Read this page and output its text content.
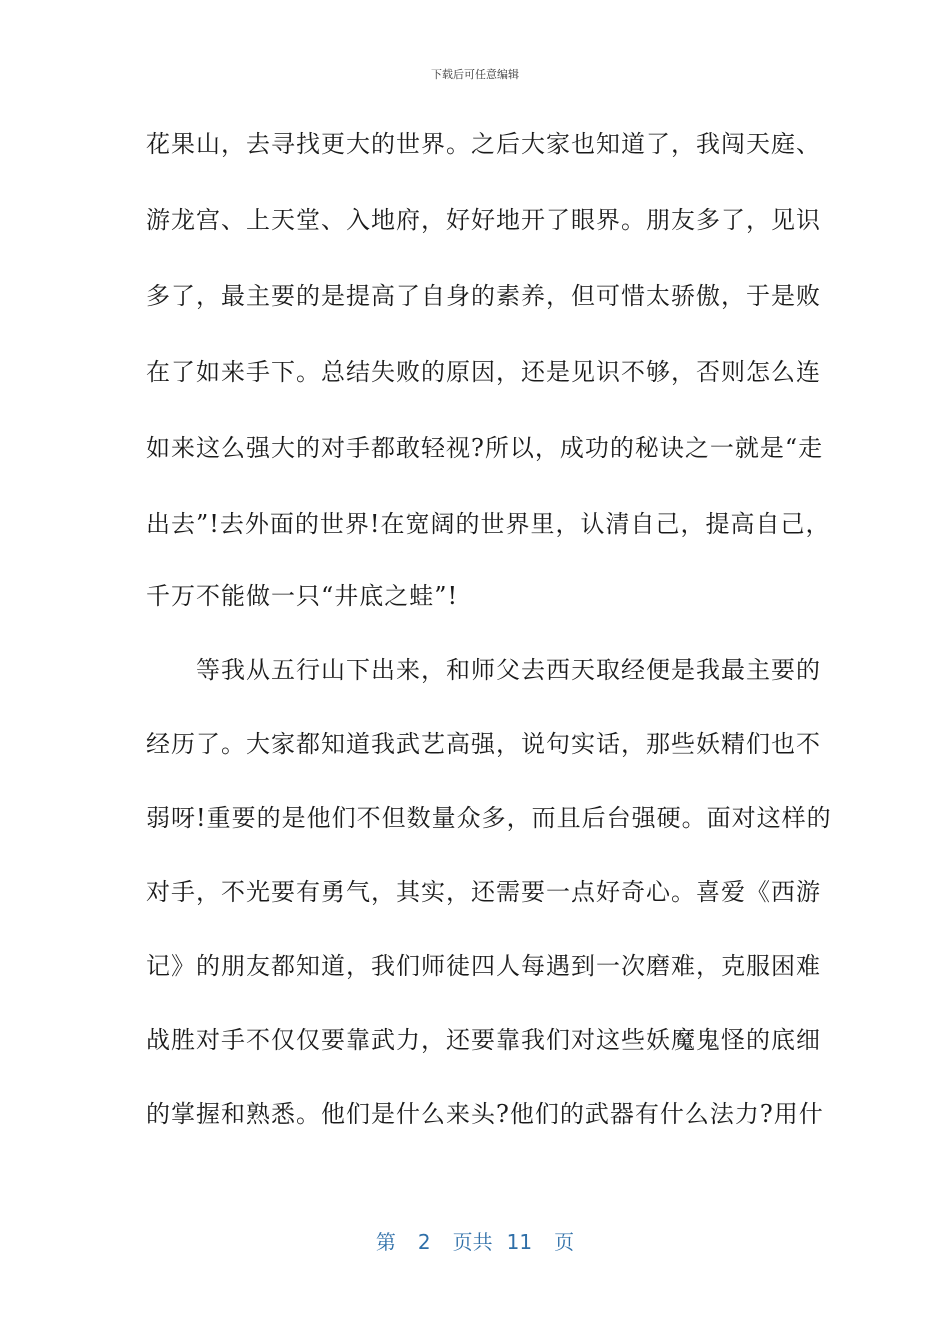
下载后可任意编辑
花果山，去寻找更大的世界。之后大家也知道了，我闯天庭、
游龙宫、上天堂、入地府，好好地开了眼界。朋友多了，见识
多了，最主要的是提高了自身的素养，但可惜太骄傲，于是败
在了如来手下。总结失败的原因，还是见识不够，否则怎么连
如来这么强大的对手都敢轻视?所以，成功的秘诀之一就是“走
出去”!去外面的世界!在宽阔的世界里，认清自己，提高自己，
千万不能做一只“井底之蛙”!
　　等我从五行山下出来，和师父去西天取经便是我最主要的
经历了。大家都知道我武艺高强，说句实话，那些妖精们也不
弱呀!重要的是他们不但数量众多，而且后台强硬。面对这样的
对手，不光要有勇气，其实，还需要一点好奇心。喜爱《西游
记》的朋友都知道，我们师徒四人每遇到一次磨难，克服困难
战胜对手不仅仅要靠武力，还要靠我们对这些妖魔鬼怪的底细
的掌握和熟悉。他们是什么来头?他们的武器有什么法力?用什
第 2 页共 11 页
